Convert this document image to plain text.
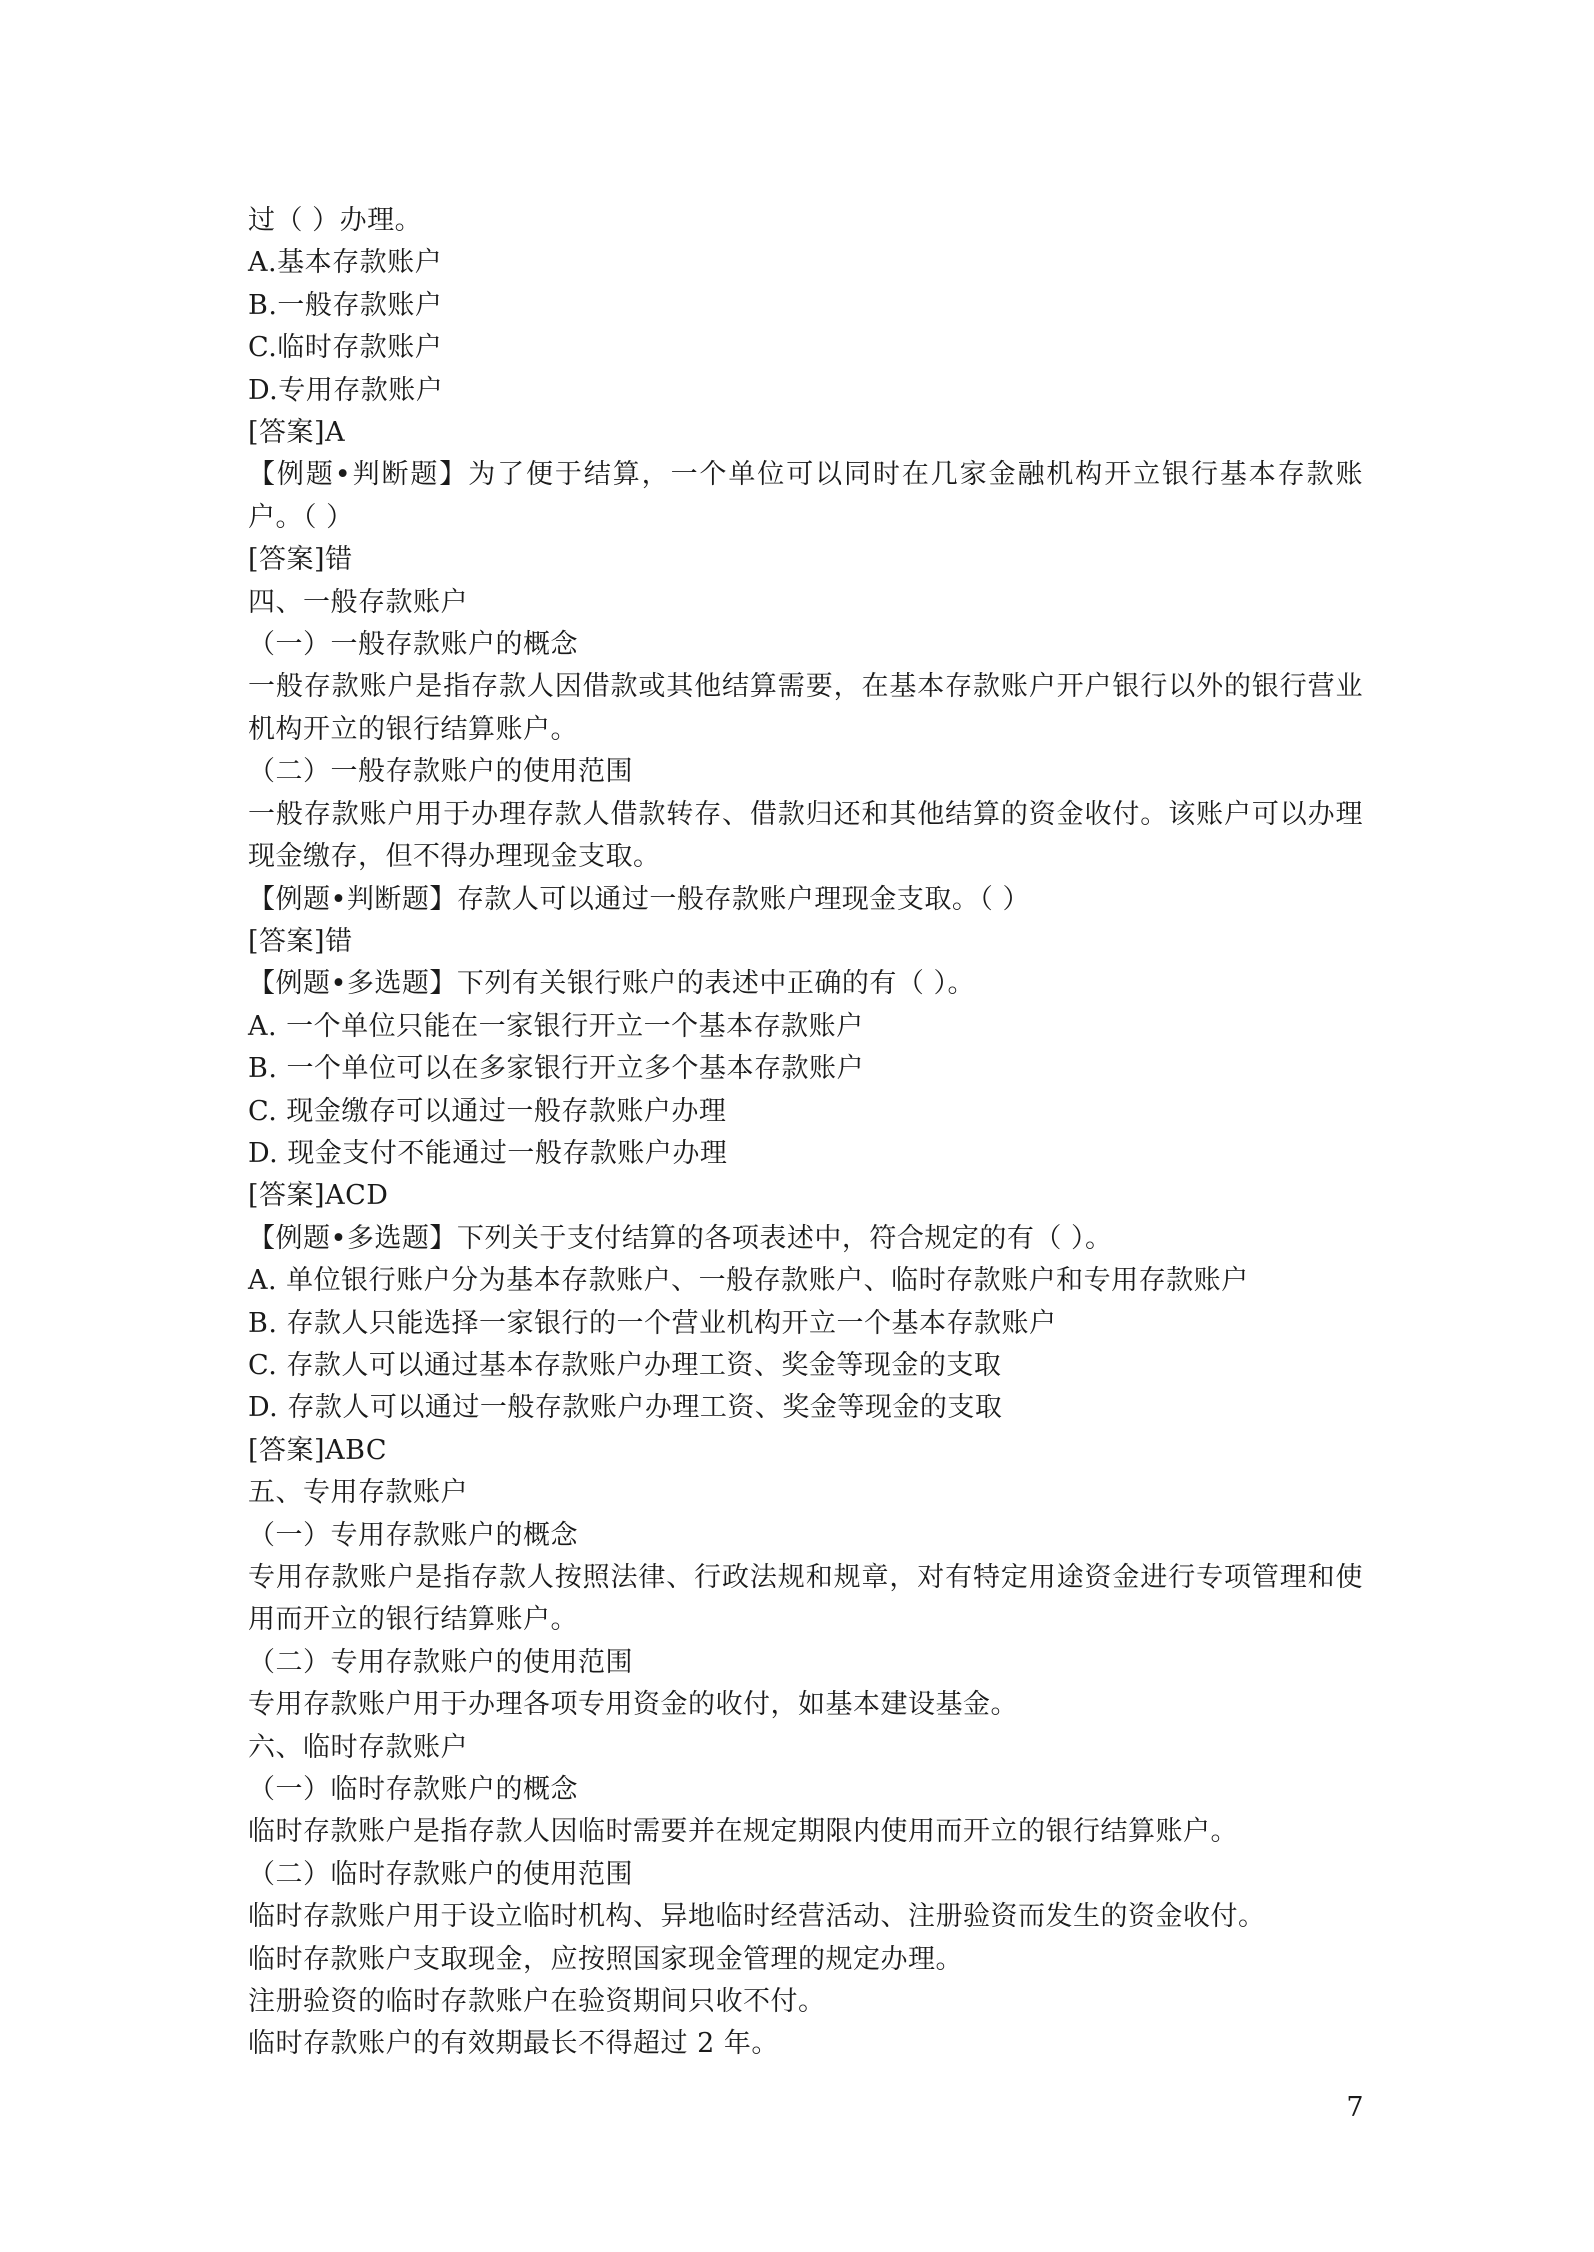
过（ ）办理。
A.基本存款账户
B.一般存款账户
C.临时存款账户
D.专用存款账户
[答案]A
【例题•判断题】为了便于结算，一个单位可以同时在几家金融机构开立银行基本存款账户。（ ）
[答案]错
四、一般存款账户
（一）一般存款账户的概念
一般存款账户是指存款人因借款或其他结算需要，在基本存款账户开户银行以外的银行营业机构开立的银行结算账户。
（二）一般存款账户的使用范围
一般存款账户用于办理存款人借款转存、借款归还和其他结算的资金收付。该账户可以办理现金缴存，但不得办理现金支取。
【例题•判断题】存款人可以通过一般存款账户理现金支取。（ ）
[答案]错
【例题•多选题】下列有关银行账户的表述中正确的有（ ）。
A. 一个单位只能在一家银行开立一个基本存款账户
B. 一个单位可以在多家银行开立多个基本存款账户
C. 现金缴存可以通过一般存款账户办理
D. 现金支付不能通过一般存款账户办理
[答案]ACD
【例题•多选题】下列关于支付结算的各项表述中，符合规定的有（ ）。
A. 单位银行账户分为基本存款账户、一般存款账户、临时存款账户和专用存款账户
B. 存款人只能选择一家银行的一个营业机构开立一个基本存款账户
C. 存款人可以通过基本存款账户办理工资、奖金等现金的支取
D. 存款人可以通过一般存款账户办理工资、奖金等现金的支取
[答案]ABC
五、专用存款账户
（一）专用存款账户的概念
专用存款账户是指存款人按照法律、行政法规和规章，对有特定用途资金进行专项管理和使用而开立的银行结算账户。
（二）专用存款账户的使用范围
专用存款账户用于办理各项专用资金的收付，如基本建设基金。
六、临时存款账户
（一）临时存款账户的概念
临时存款账户是指存款人因临时需要并在规定期限内使用而开立的银行结算账户。
（二）临时存款账户的使用范围
临时存款账户用于设立临时机构、异地临时经营活动、注册验资而发生的资金收付。
临时存款账户支取现金，应按照国家现金管理的规定办理。
注册验资的临时存款账户在验资期间只收不付。
临时存款账户的有效期最长不得超过 2 年。
7
